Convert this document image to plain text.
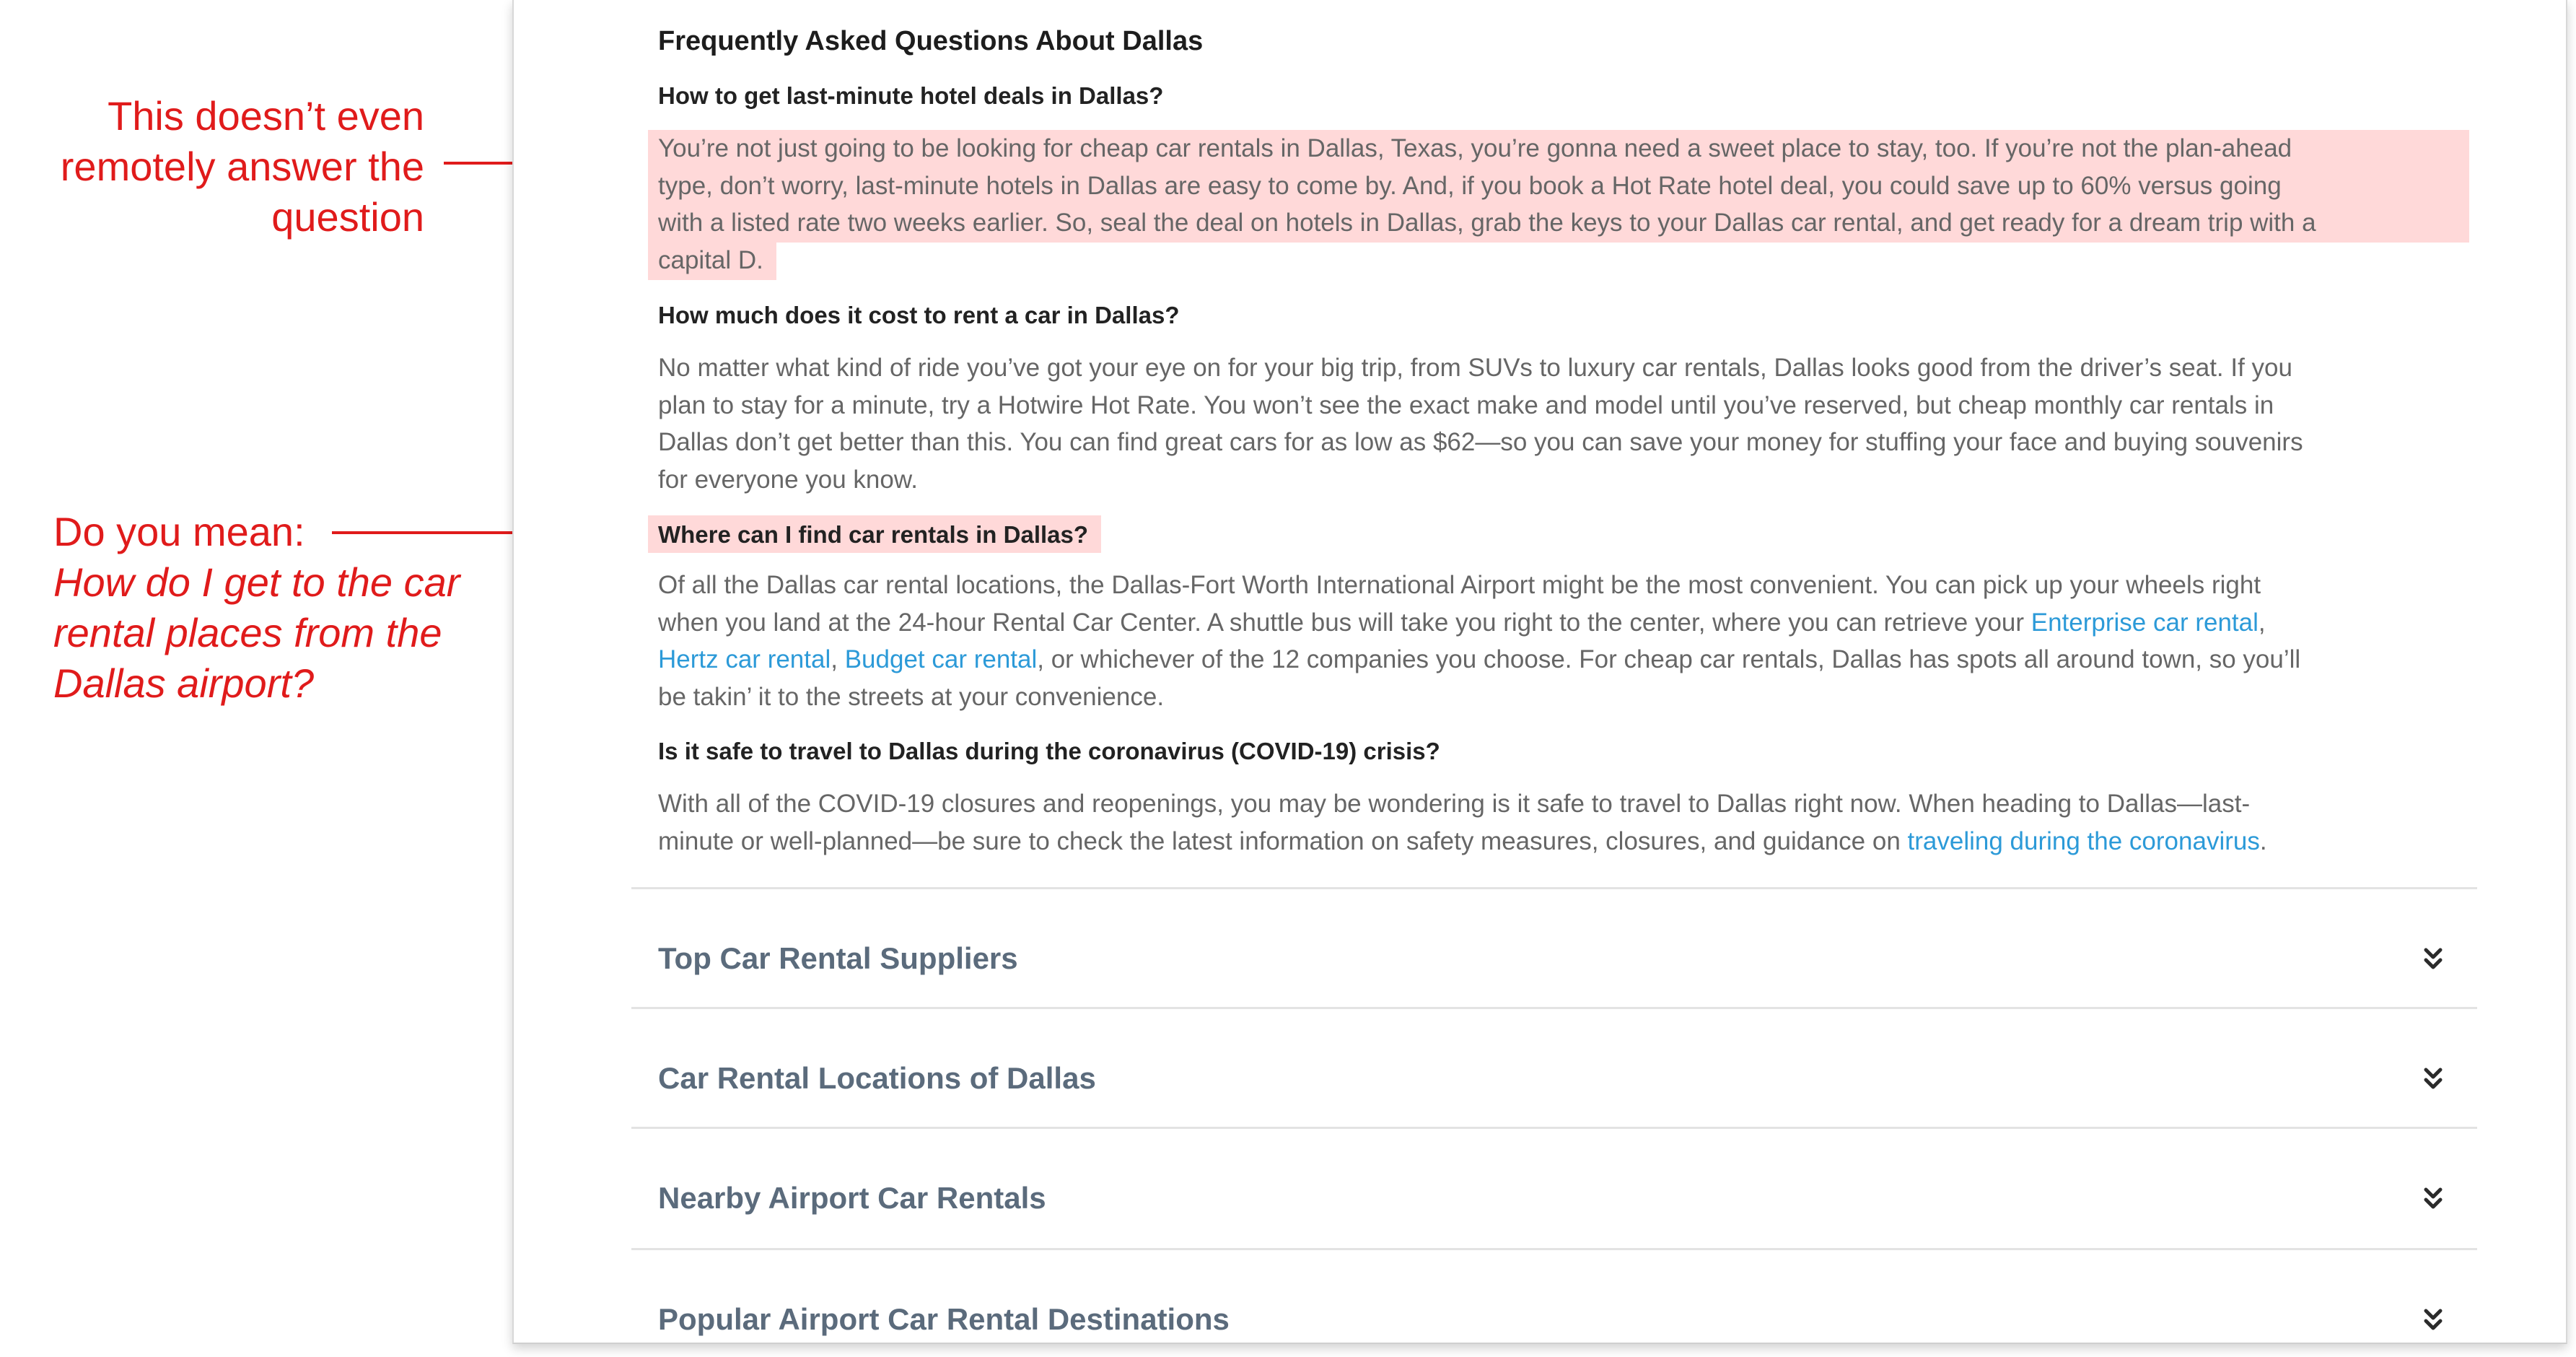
This doesn’t even
remotely answer the
question
Do you mean:
How do I get to the car
rental places from the
Dallas airport?
Frequently Asked Questions About Dallas
How to get last-minute hotel deals in Dallas?
You’re not just going to be looking for cheap car rentals in Dallas, Texas, you’re gonna need a sweet place to stay, too. If you’re not the plan-ahead
type, don’t worry, last-minute hotels in Dallas are easy to come by. And, if you book a Hot Rate hotel deal, you could save up to 60% versus going
with a listed rate two weeks earlier. So, seal the deal on hotels in Dallas, grab the keys to your Dallas car rental, and get ready for a dream trip with a
capital D.
How much does it cost to rent a car in Dallas?
No matter what kind of ride you’ve got your eye on for your big trip, from SUVs to luxury car rentals, Dallas looks good from the driver’s seat. If you
plan to stay for a minute, try a Hotwire Hot Rate. You won’t see the exact make and model until you’ve reserved, but cheap monthly car rentals in
Dallas don’t get better than this. You can find great cars for as low as $62—so you can save your money for stuffing your face and buying souvenirs
for everyone you know.
Where can I find car rentals in Dallas?
Of all the Dallas car rental locations, the Dallas-Fort Worth International Airport might be the most convenient. You can pick up your wheels right
when you land at the 24-hour Rental Car Center. A shuttle bus will take you right to the center, where you can retrieve your Enterprise car rental,
Hertz car rental, Budget car rental, or whichever of the 12 companies you choose. For cheap car rentals, Dallas has spots all around town, so you’ll
be takin’ it to the streets at your convenience.
Is it safe to travel to Dallas during the coronavirus (COVID-19) crisis?
With all of the COVID-19 closures and reopenings, you may be wondering is it safe to travel to Dallas right now. When heading to Dallas—last-
minute or well-planned—be sure to check the latest information on safety measures, closures, and guidance on traveling during the coronavirus.
Top Car Rental Suppliers
Car Rental Locations of Dallas
Nearby Airport Car Rentals
Popular Airport Car Rental Destinations
